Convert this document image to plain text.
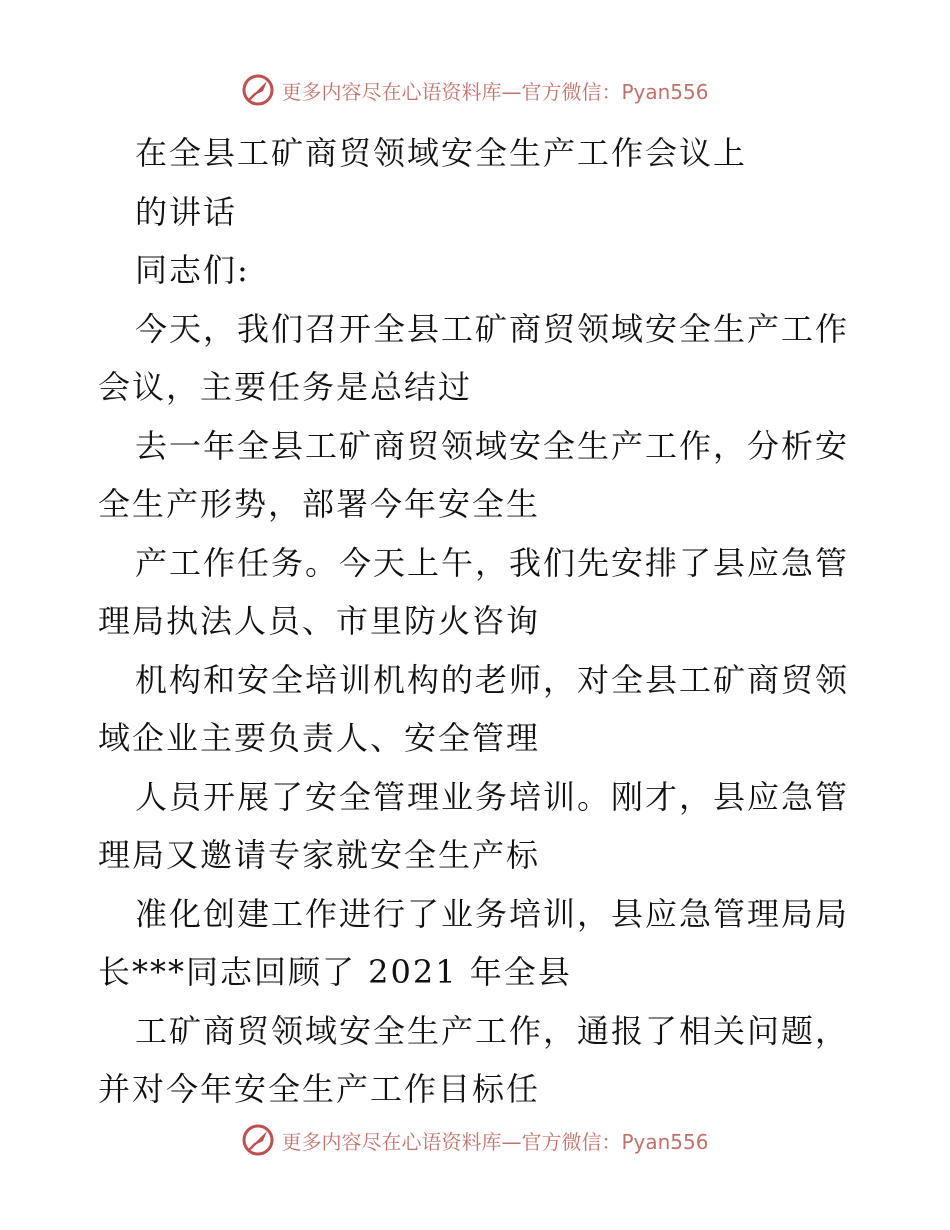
更多内容尽在心语资料库—官方微信：Pyan556
在全县工矿商贸领域安全生产工作会议上
的讲话
同志们:
今天，我们召开全县工矿商贸领域安全生产工作
会议，主要任务是总结过
去一年全县工矿商贸领域安全生产工作，分析安
全生产形势，部署今年安全生
产工作任务。今天上午，我们先安排了县应急管
理局执法人员、市里防火咨询
机构和安全培训机构的老师，对全县工矿商贸领
域企业主要负责人、安全管理
人员开展了安全管理业务培训。刚才，县应急管
理局又邀请专家就安全生产标
准化创建工作进行了业务培训，县应急管理局局
长***同志回顾了 2021 年全县
工矿商贸领域安全生产工作，通报了相关问题，
并对今年安全生产工作目标任
更多内容尽在心语资料库—官方微信：Pyan556
